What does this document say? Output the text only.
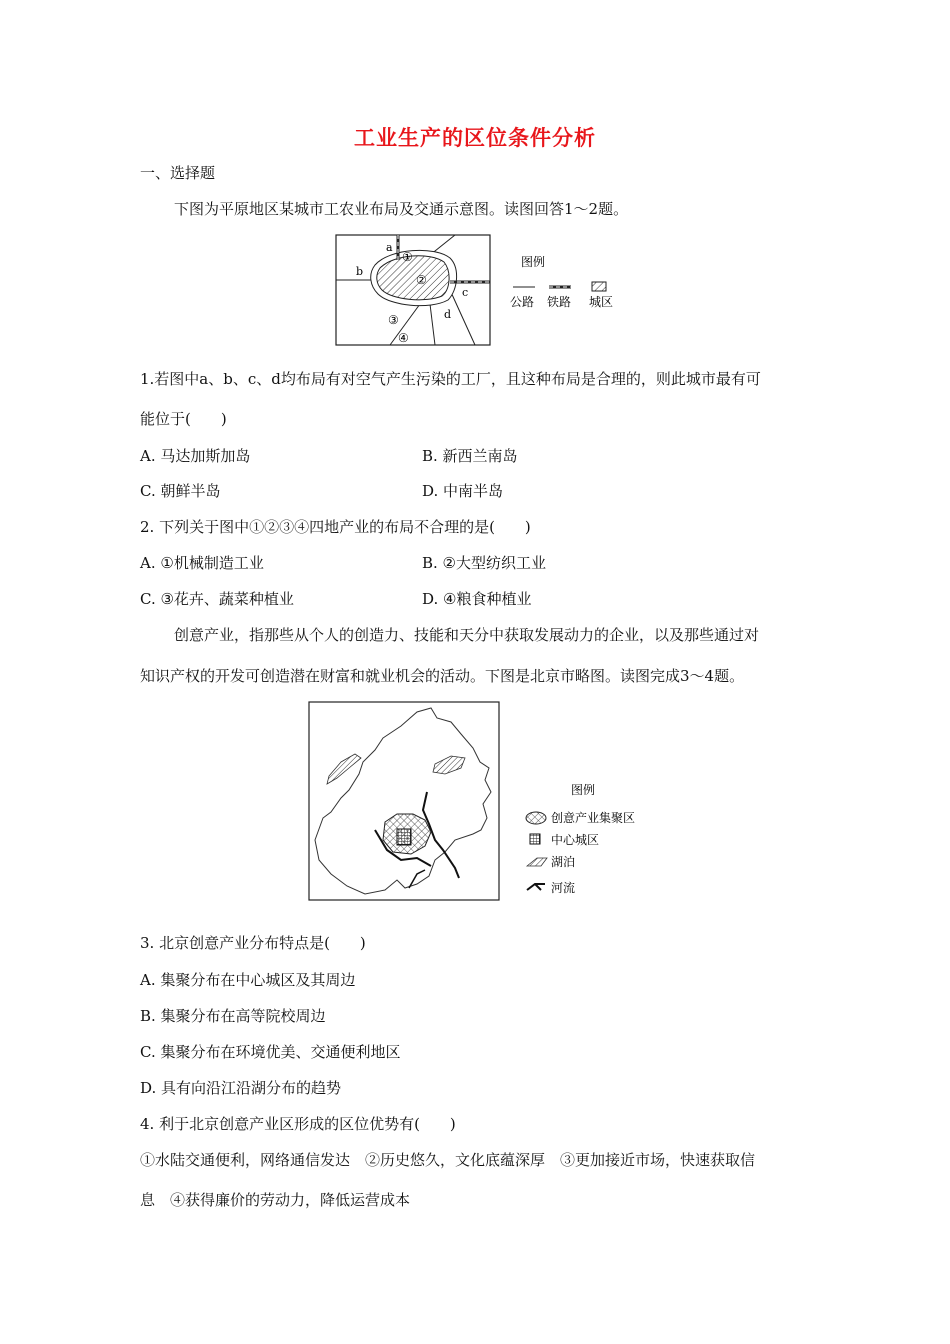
工业生产的区位条件分析
一、选择题
下图为平原地区某城市工农业布局及交通示意图。读图回答1～2题。
a
b
c
d
①
②
③
④
图例
公路 铁路 城区
1.若图中a、b、c、d均布局有对空气产生污染的工厂，且这种布局是合理的，则此城市最有可
能位于(　　)
A. 马达加斯加岛	B. 新西兰南岛
C. 朝鲜半岛	D. 中南半岛
2. 下列关于图中①②③④四地产业的布局不合理的是(　　)
A. ①机械制造工业	B. ②大型纺织工业
C. ③花卉、蔬菜种植业	D. ④粮食种植业
创意产业，指那些从个人的创造力、技能和天分中获取发展动力的企业，以及那些通过对
知识产权的开发可创造潜在财富和就业机会的活动。下图是北京市略图。读图完成3～4题。
图例
创意产业集聚区
中心城区
湖泊
河流
3. 北京创意产业分布特点是(　　)
A. 集聚分布在中心城区及其周边
B. 集聚分布在高等院校周边
C. 集聚分布在环境优美、交通便利地区
D. 具有向沿江沿湖分布的趋势
4. 利于北京创意产业区形成的区位优势有(　　)
①水陆交通便利，网络通信发达　②历史悠久，文化底蕴深厚　③更加接近市场，快速获取信
息　④获得廉价的劳动力，降低运营成本
